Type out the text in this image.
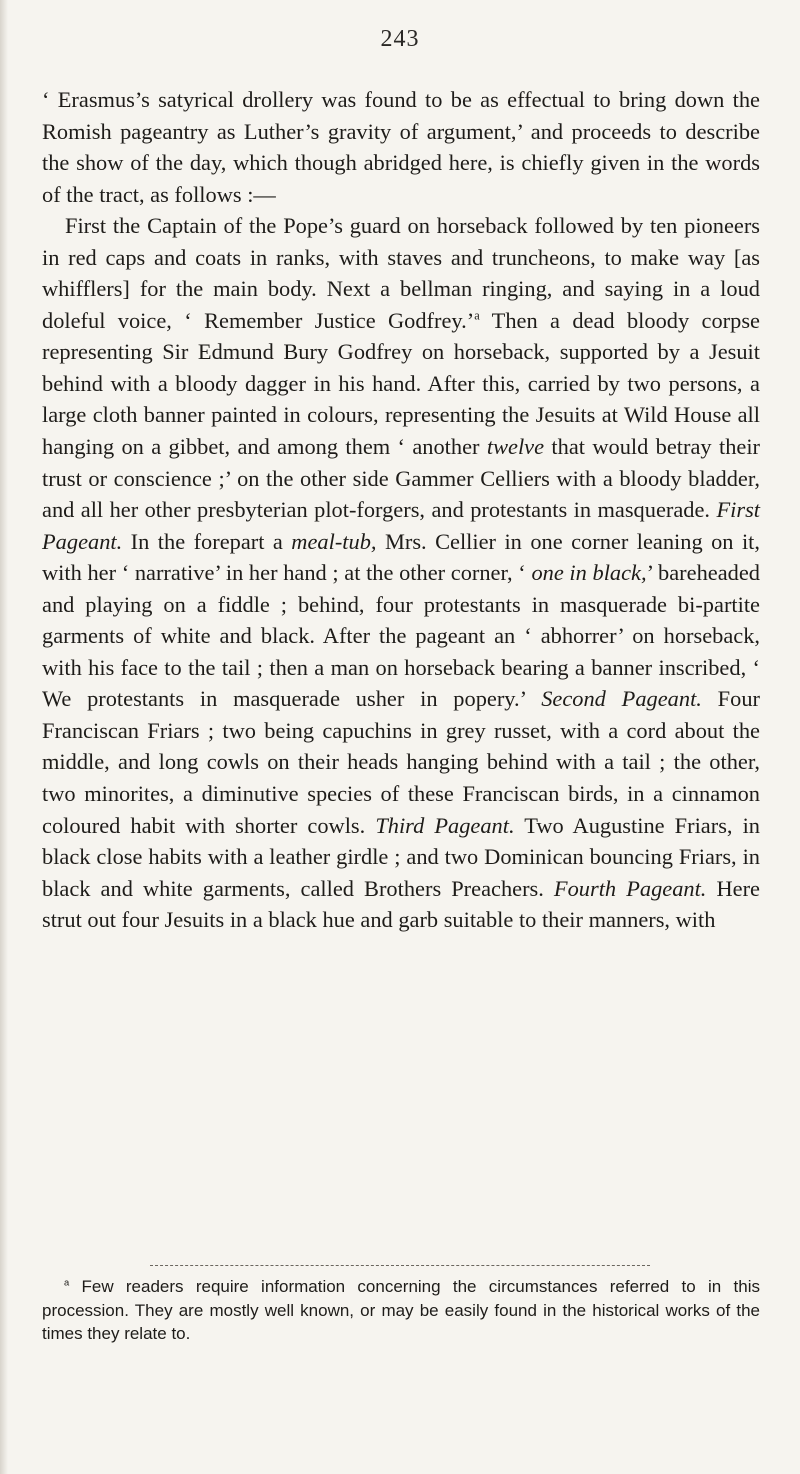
243

‘ Erasmus’s satyrical drollery was found to be as effectual to bring down the Romish pageantry as Luther’s gravity of argument,’ and proceeds to describe the show of the day, which though abridged here, is chiefly given in the words of the tract, as follows :—

First the Captain of the Pope’s guard on horseback followed by ten pioneers in red caps and coats in ranks, with staves and truncheons, to make way [as whifflers] for the main body. Next a bellman ringing, and saying in a loud doleful voice, ‘ Remember Justice Godfrey.’$^a$ Then a dead bloody corpse representing Sir Edmund Bury Godfrey on horseback, supported by a Jesuit behind with a bloody dagger in his hand. After this, carried by two persons, a large cloth banner painted in colours, representing the Jesuits at Wild House all hanging on a gibbet, and among them ‘ another twelve that would betray their trust or conscience ;’ on the other side Gammer Celliers with a bloody bladder, and all her other presbyterian plot-forgers, and protestants in masquerade. First Pageant. In the forepart a meal-tub, Mrs. Cellier in one corner leaning on it, with her ‘ narrative’ in her hand ; at the other corner, ‘ one in black,’ bareheaded and playing on a fiddle ; behind, four protestants in masquerade bi-partite garments of white and black. After the pageant an ‘ abhorrer’ on horseback, with his face to the tail ; then a man on horseback bearing a banner inscribed, ‘ We protestants in masquerade usher in popery.’ Second Pageant. Four Franciscan Friars ; two being capuchins in grey russet, with a cord about the middle, and long cowls on their heads hanging behind with a tail ; the other, two minorites, a diminutive species of these Franciscan birds, in a cinnamon coloured habit with shorter cowls. Third Pageant. Two Augustine Friars, in black close habits with a leather girdle ; and two Dominican bouncing Friars, in black and white garments, called Brothers Preachers. Fourth Pageant. Here strut out four Jesuits in a black hue and garb suitable to their manners, with

$^a$ Few readers require information concerning the circumstances referred to in this procession. They are mostly well known, or may be easily found in the historical works of the times they relate to.
